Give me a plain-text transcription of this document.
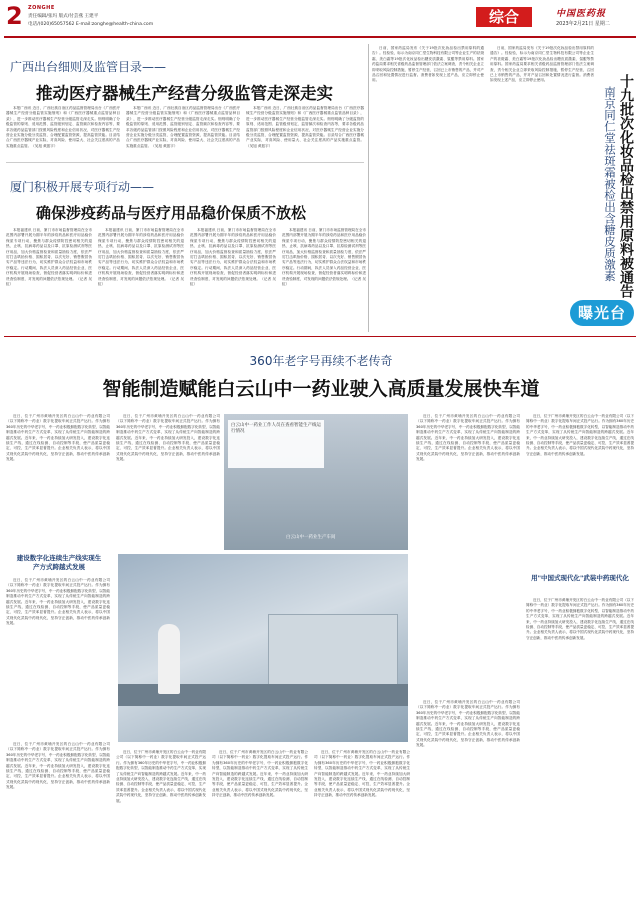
2 ZONGHE
责任编辑/张玛 版式/付芸燕 王建平
电话/(020)65057562 E-mail:zonghe@health-china.com	综合	中国医药报
2023年2月21日 星期二
广西出台细则及监管目录——
推动医疗器械生产经营分级监管走深走实

本报广西讯 近日，广西壮族自治区药品监督管理局出台《广西医疗器械生产经营分级监管实施细则》和《广西医疗器械重点监管品种目录》，进一步推动医疗器械生产经营分级监管走深走实。细则明确了分级监管的原则、适用范围、监管级别划定、监管频次和检查内容等，要求各级药品监管部门按照风险程度和企业信用状况，对医疗器械生产经营企业实施分级分类监管，合理配置监管资源，提高监管效能。目录结合广西医疗器械产业实际，对高风险、使用量大、社会关注度高的产品实施重点监管。（吴旭 黄振宇）

本报广西讯 近日，广西壮族自治区药品监督管理局出台《广西医疗器械生产经营分级监管实施细则》和《广西医疗器械重点监管品种目录》，进一步推动医疗器械生产经营分级监管走深走实。细则明确了分级监管的原则、适用范围、监管级别划定、监管频次和检查内容等，要求各级药品监管部门按照风险程度和企业信用状况，对医疗器械生产经营企业实施分级分类监管，合理配置监管资源，提高监管效能。目录结合广西医疗器械产业实际，对高风险、使用量大、社会关注度高的产品实施重点监管。（吴旭 黄振宇）

本报广西讯 近日，广西壮族自治区药品监督管理局出台《广西医疗器械生产经营分级监管实施细则》和《广西医疗器械重点监管品种目录》，进一步推动医疗器械生产经营分级监管走深走实。细则明确了分级监管的原则、适用范围、监管级别划定、监管频次和检查内容等，要求各级药品监管部门按照风险程度和企业信用状况，对医疗器械生产经营企业实施分级分类监管，合理配置监管资源，提高监管效能。目录结合广西医疗器械产业实际，对高风险、使用量大、社会关注度高的产品实施重点监管。（吴旭 黄振宇）

厦门积极开展专项行动——
确保涉疫药品与医疗用品稳价保质不放松

本报福建讯 日前，厦门市市场监督管理局在全市范围内部署开展为期半年的涉疫药品和医疗用品稳价保质专项行动，聚焦与群众疫情防控密切相关的退热、止咳、抗病毒药品以及口罩、抗原检测试剂等医疗用品，加大价格监督检查和质量抽检力度，依法严厉打击哄抬价格、囤积居奇、以次充好、销售假冒伪劣产品等违法行为，切实维护群众合法权益和市场秩序稳定。行动期间，执法人员深入药品经营企业、医疗机构开展现场检查，督促经营者落实明码标价和进货查验制度，对发现的问题依法依规处理。（记者 吴虹）

本报福建讯 日前，厦门市市场监督管理局在全市范围内部署开展为期半年的涉疫药品和医疗用品稳价保质专项行动，聚焦与群众疫情防控密切相关的退热、止咳、抗病毒药品以及口罩、抗原检测试剂等医疗用品，加大价格监督检查和质量抽检力度，依法严厉打击哄抬价格、囤积居奇、以次充好、销售假冒伪劣产品等违法行为，切实维护群众合法权益和市场秩序稳定。行动期间，执法人员深入药品经营企业、医疗机构开展现场检查，督促经营者落实明码标价和进货查验制度，对发现的问题依法依规处理。（记者 吴虹）

本报福建讯 日前，厦门市市场监督管理局在全市范围内部署开展为期半年的涉疫药品和医疗用品稳价保质专项行动，聚焦与群众疫情防控密切相关的退热、止咳、抗病毒药品以及口罩、抗原检测试剂等医疗用品，加大价格监督检查和质量抽检力度，依法严厉打击哄抬价格、囤积居奇、以次充好、销售假冒伪劣产品等违法行为，切实维护群众合法权益和市场秩序稳定。行动期间，执法人员深入药品经营企业、医疗机构开展现场检查，督促经营者落实明码标价和进货查验制度，对发现的问题依法依规处理。（记者 吴虹）

本报福建讯 日前，厦门市市场监督管理局在全市范围内部署开展为期半年的涉疫药品和医疗用品稳价保质专项行动，聚焦与群众疫情防控密切相关的退热、止咳、抗病毒药品以及口罩、抗原检测试剂等医疗用品，加大价格监督检查和质量抽检力度，依法严厉打击哄抬价格、囤积居奇、以次充好、销售假冒伪劣产品等违法行为，切实维护群众合法权益和市场秩序稳定。行动期间，执法人员深入药品经营企业、医疗机构开展现场检查，督促经营者落实明码标价和进货查验制度，对发现的问题依法依规处理。（记者 吴虹）

日前，国家药监局发布《关于19批次化妆品检出禁用原料的通告》。经检验，标示为南京同仁堂生物科技有限公司等企业生产的祛斑霜、美白霜等19批次化妆品检出糖皮质激素、氢醌等禁用原料。国家药监局要求相关省级药品监督管理部门依法立案调查，责令相关企业立即采取风险控制措施，暂停生产经营，召回已上市销售的产品，并对产品召回和处置情况进行监督。消费者如发现上述产品，应立即停止使用。

日前，国家药监局发布《关于19批次化妆品检出禁用原料的通告》。经检验，标示为南京同仁堂生物科技有限公司等企业生产的祛斑霜、美白霜等19批次化妆品检出糖皮质激素、氢醌等禁用原料。国家药监局要求相关省级药品监督管理部门依法立案调查，责令相关企业立即采取风险控制措施，暂停生产经营，召回已上市销售的产品，并对产品召回和处置情况进行监督。消费者如发现上述产品，应立即停止使用。	十九批次化妆品检出禁用原料被通告
南京同仁堂祛斑霜被检出含糖皮质激素
曝光台
360年老字号再续不老传奇
智能制造赋能白云山中一药业驶入高质量发展快车道

近日，位于广州市黄埔开发区的白云山中一药业有限公司（以下简称中一药业）数字化提取车间正式投产运行。作为拥有360年历史的中华老字号，中一药业积极拥抱数字化转型，以智能制造推动中药生产方式变革，实现了从传统生产向智能制造的跨越式发展。近年来，中一药业持续加大研发投入，建设数字化连续生产线，通过在线检测、自动控制等手段，使产品质量更稳定、可控，生产效率显著提升。企业相关负责人表示，将以中国式现代化武装中药现代化，坚持守正创新，推动中医药传承创新发展。

建设数字化连续生产线实现生产方式跨越式发展

近日，位于广州市黄埔开发区的白云山中一药业有限公司（以下简称中一药业）数字化提取车间正式投产运行。作为拥有360年历史的中华老字号，中一药业积极拥抱数字化转型，以智能制造推动中药生产方式变革，实现了从传统生产向智能制造的跨越式发展。近年来，中一药业持续加大研发投入，建设数字化连续生产线，通过在线检测、自动控制等手段，使产品质量更稳定、可控，生产效率显著提升。企业相关负责人表示，将以中国式现代化武装中药现代化，坚持守正创新，推动中医药传承创新发展。

近日，位于广州市黄埔开发区的白云山中一药业有限公司（以下简称中一药业）数字化提取车间正式投产运行。作为拥有360年历史的中华老字号，中一药业积极拥抱数字化转型，以智能制造推动中药生产方式变革，实现了从传统生产向智能制造的跨越式发展。近年来，中一药业持续加大研发投入，建设数字化连续生产线，通过在线检测、自动控制等手段，使产品质量更稳定、可控，生产效率显著提升。企业相关负责人表示，将以中国式现代化武装中药现代化，坚持守正创新，推动中医药传承创新发展。

白云山中一药业工作人员在查看智能生产线运行情况
白云山中一药业生产车间

近日，位于广州市黄埔开发区的白云山中一药业有限公司（以下简称中一药业）数字化提取车间正式投产运行。作为拥有360年历史的中华老字号，中一药业积极拥抱数字化转型，以智能制造推动中药生产方式变革，实现了从传统生产向智能制造的跨越式发展。近年来，中一药业持续加大研发投入，建设数字化连续生产线，通过在线检测、自动控制等手段，使产品质量更稳定、可控，生产效率显著提升。企业相关负责人表示，将以中国式现代化武装中药现代化，坚持守正创新，推动中医药传承创新发展。

近日，位于广州市黄埔开发区的白云山中一药业有限公司（以下简称中一药业）数字化提取车间正式投产运行。作为拥有360年历史的中华老字号，中一药业积极拥抱数字化转型，以智能制造推动中药生产方式变革，实现了从传统生产向智能制造的跨越式发展。近年来，中一药业持续加大研发投入，建设数字化连续生产线，通过在线检测、自动控制等手段，使产品质量更稳定、可控，生产效率显著提升。企业相关负责人表示，将以中国式现代化武装中药现代化，坚持守正创新，推动中医药传承创新发展。

用"中国式现代化"武装中药现代化

近日，位于广州市黄埔开发区的白云山中一药业有限公司（以下简称中一药业）数字化提取车间正式投产运行。作为拥有360年历史的中华老字号，中一药业积极拥抱数字化转型，以智能制造推动中药生产方式变革，实现了从传统生产向智能制造的跨越式发展。近年来，中一药业持续加大研发投入，建设数字化连续生产线，通过在线检测、自动控制等手段，使产品质量更稳定、可控，生产效率显著提升。企业相关负责人表示，将以中国式现代化武装中药现代化，坚持守正创新，推动中医药传承创新发展。

近日，位于广州市黄埔开发区的白云山中一药业有限公司（以下简称中一药业）数字化提取车间正式投产运行。作为拥有360年历史的中华老字号，中一药业积极拥抱数字化转型，以智能制造推动中药生产方式变革，实现了从传统生产向智能制造的跨越式发展。近年来，中一药业持续加大研发投入，建设数字化连续生产线，通过在线检测、自动控制等手段，使产品质量更稳定、可控，生产效率显著提升。企业相关负责人表示，将以中国式现代化武装中药现代化，坚持守正创新，推动中医药传承创新发展。

近日，位于广州市黄埔开发区的白云山中一药业有限公司（以下简称中一药业）数字化提取车间正式投产运行。作为拥有360年历史的中华老字号，中一药业积极拥抱数字化转型，以智能制造推动中药生产方式变革，实现了从传统生产向智能制造的跨越式发展。近年来，中一药业持续加大研发投入，建设数字化连续生产线，通过在线检测、自动控制等手段，使产品质量更稳定、可控，生产效率显著提升。企业相关负责人表示，将以中国式现代化武装中药现代化，坚持守正创新，推动中医药传承创新发展。

近日，位于广州市黄埔开发区的白云山中一药业有限公司（以下简称中一药业）数字化提取车间正式投产运行。作为拥有360年历史的中华老字号，中一药业积极拥抱数字化转型，以智能制造推动中药生产方式变革，实现了从传统生产向智能制造的跨越式发展。近年来，中一药业持续加大研发投入，建设数字化连续生产线，通过在线检测、自动控制等手段，使产品质量更稳定、可控，生产效率显著提升。企业相关负责人表示，将以中国式现代化武装中药现代化，坚持守正创新，推动中医药传承创新发展。

近日，位于广州市黄埔开发区的白云山中一药业有限公司（以下简称中一药业）数字化提取车间正式投产运行。作为拥有360年历史的中华老字号，中一药业积极拥抱数字化转型，以智能制造推动中药生产方式变革，实现了从传统生产向智能制造的跨越式发展。近年来，中一药业持续加大研发投入，建设数字化连续生产线，通过在线检测、自动控制等手段，使产品质量更稳定、可控，生产效率显著提升。企业相关负责人表示，将以中国式现代化武装中药现代化，坚持守正创新，推动中医药传承创新发展。

近日，位于广州市黄埔开发区的白云山中一药业有限公司（以下简称中一药业）数字化提取车间正式投产运行。作为拥有360年历史的中华老字号，中一药业积极拥抱数字化转型，以智能制造推动中药生产方式变革，实现了从传统生产向智能制造的跨越式发展。近年来，中一药业持续加大研发投入，建设数字化连续生产线，通过在线检测、自动控制等手段，使产品质量更稳定、可控，生产效率显著提升。企业相关负责人表示，将以中国式现代化武装中药现代化，坚持守正创新，推动中医药传承创新发展。
